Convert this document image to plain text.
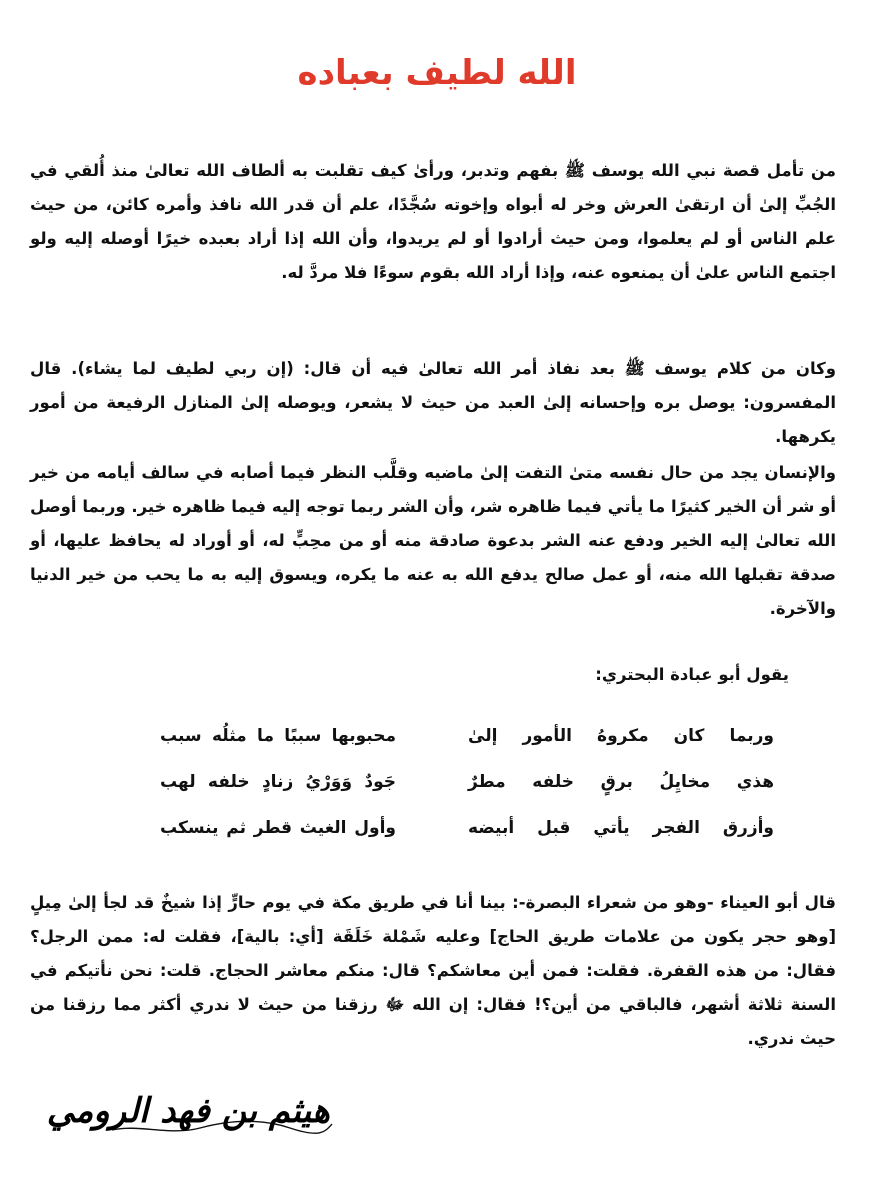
الله لطيف بعباده

من تأمل قصة نبي الله يوسف ﷺ بفهم وتدبر، ورأىٰ كيف تقلبت به ألطاف الله تعالىٰ منذ أُلقي في الجُبِّ إلىٰ أن ارتقىٰ العرش وخر له أبواه وإخوته سُجَّدًا، علم أن قدر الله نافذ وأمره كائن، من حيث علم الناس أو لم يعلموا، ومن حيث أرادوا أو لم يريدوا، وأن الله إذا أراد بعبده خيرًا أوصله إليه ولو اجتمع الناس علىٰ أن يمنعوه عنه، وإذا أراد الله بقوم سوءًا فلا مردَّ له.

وكان من كلام يوسف ﷺ بعد نفاذ أمر الله تعالىٰ فيه أن قال: (إن ربي لطيف لما يشاء). قال المفسرون: يوصل بره وإحسانه إلىٰ العبد من حيث لا يشعر، ويوصله إلىٰ المنازل الرفيعة من أمور يكرهها.

والإنسان يجد من حال نفسه متىٰ التفت إلىٰ ماضيه وقلَّب النظر فيما أصابه في سالف أيامه من خير أو شر أن الخير كثيرًا ما يأتي فيما ظاهره شر، وأن الشر ربما توجه إليه فيما ظاهره خير. وربما أوصل الله تعالىٰ إليه الخير ودفع عنه الشر بدعوة صادقة منه أو من محِبٍّ له، أو أوراد له يحافظ عليها، أو صدقة تقبلها الله منه، أو عمل صالح يدفع الله به عنه ما يكره، ويسوق إليه به ما يحب من خير الدنيا والآخرة.

يقول أبو عبادة البحتري:

وربما كان مكروهُ الأمور إلىٰ
محبوبها سببًا ما مثلُه سبب
هذي مخايِلُ برقٍ خلفه مطرٌ
جَودٌ وَوَرْيُ زنادٍ خلفه لهب
وأزرق الفجر يأتي قبل أبيضه
وأول الغيث قطر ثم ينسكب

قال أبو العيناء -وهو من شعراء البصرة-: بينا أنا في طريق مكة في يوم حارٍّ إذا شيخٌ قد لجأ إلىٰ مِيلٍ [وهو حجر يكون من علامات طريق الحاج] وعليه شَمْلة خَلَقَة [أي: بالية]، فقلت له: ممن الرجل؟ فقال: من هذه القفرة. فقلت: فمن أين معاشكم؟ قال: منكم معاشر الحجاج. قلت: نحن نأتيكم في السنة ثلاثة أشهر، فالباقي من أين؟! فقال: إن الله ﷻ رزقنا من حيث لا ندري أكثر مما رزقنا من حيث ندري.

هيثم بن فهد الرومي
